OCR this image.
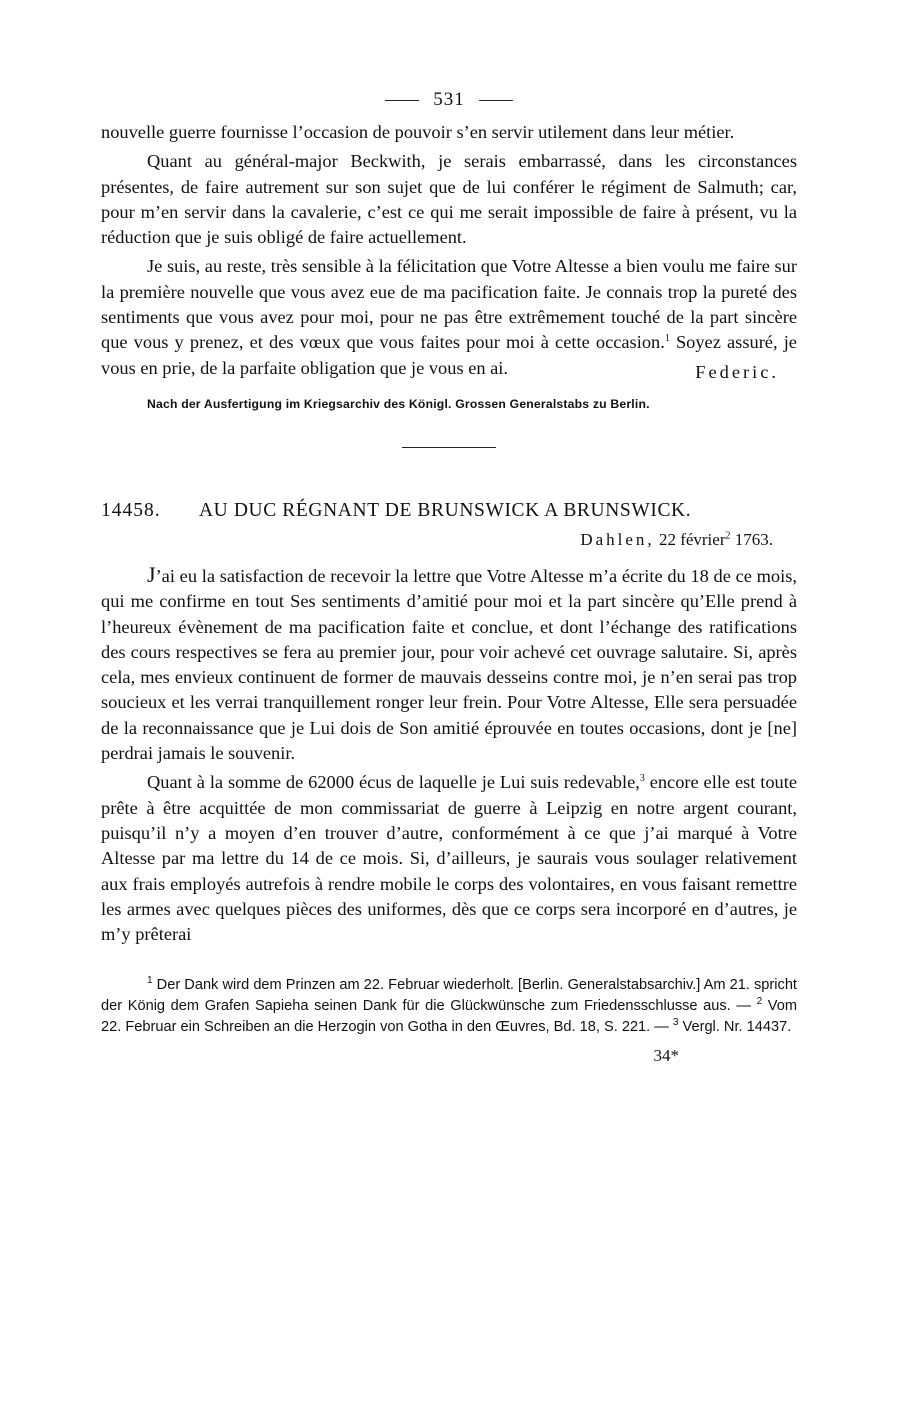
531

nouvelle guerre fournisse l’occasion de pouvoir s’en servir utilement dans leur métier.

Quant au général-major Beckwith, je serais embarrassé, dans les circonstances présentes, de faire autrement sur son sujet que de lui conférer le régiment de Salmuth; car, pour m’en servir dans la cavalerie, c’est ce qui me serait impossible de faire à présent, vu la réduction que je suis obligé de faire actuellement.

Je suis, au reste, très sensible à la félicitation que Votre Altesse a bien voulu me faire sur la première nouvelle que vous avez eue de ma pacification faite. Je connais trop la pureté des sentiments que vous avez pour moi, pour ne pas être extrêmement touché de la part sincère que vous y prenez, et des vœux que vous faites pour moi à cette occasion.$^1$ Soyez assuré, je vous en prie, de la parfaite obligation que je vous en ai.	Federic.

Nach der Ausfertigung im Kriegsarchiv des Königl. Grossen Generalstabs zu Berlin.
14458. AU DUC RÉGNANT DE BRUNSWICK A BRUNSWICK.
Dahlen, 22 février$^2$ 1763.

J’ai eu la satisfaction de recevoir la lettre que Votre Altesse m’a écrite du 18 de ce mois, qui me confirme en tout Ses sentiments d’amitié pour moi et la part sincère qu’Elle prend à l’heureux évènement de ma pacification faite et conclue, et dont l’échange des ratifications des cours respectives se fera au premier jour, pour voir achevé cet ouvrage salutaire. Si, après cela, mes envieux continuent de former de mauvais desseins contre moi, je n’en serai pas trop soucieux et les verrai tranquillement ronger leur frein. Pour Votre Altesse, Elle sera persuadée de la reconnaissance que je Lui dois de Son amitié éprouvée en toutes occasions, dont je [ne] perdrai jamais le souvenir.

Quant à la somme de 62000 écus de laquelle je Lui suis redevable,$^3$ encore elle est toute prête à être acquittée de mon commissariat de guerre à Leipzig en notre argent courant, puisqu’il n’y a moyen d’en trouver d’autre, conformément à ce que j’ai marqué à Votre Altesse par ma lettre du 14 de ce mois. Si, d’ailleurs, je saurais vous soulager relativement aux frais employés autrefois à rendre mobile le corps des volontaires, en vous faisant remettre les armes avec quelques pièces des uniformes, dès que ce corps sera incorporé en d’autres, je m’y prêterai

$^1$ Der Dank wird dem Prinzen am 22. Februar wiederholt. [Berlin. Generalstabsarchiv.] Am 21. spricht der König dem Grafen Sapieha seinen Dank für die Glückwünsche zum Friedensschlusse aus. — $^2$ Vom 22. Februar ein Schreiben an die Herzogin von Gotha in den Œuvres, Bd. 18, S. 221. — $^3$ Vergl. Nr. 14437.
34*
